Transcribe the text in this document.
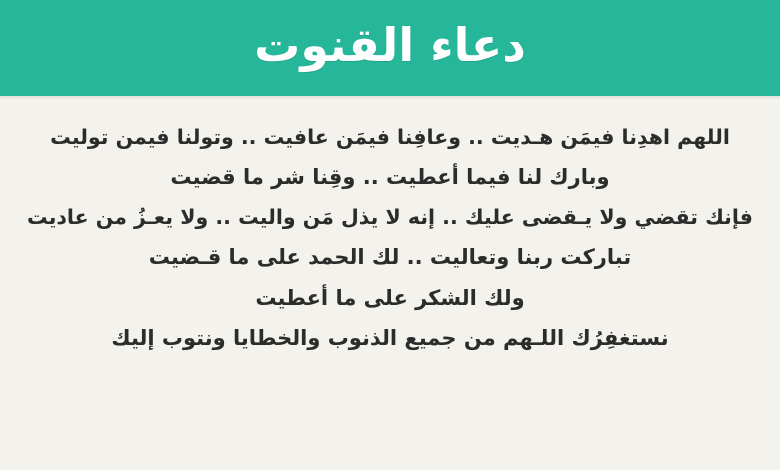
دعاء القنوت

اللهم اهدِنا فيمَن هـديت .. وعافِنا فيمَن عافيت .. وتولنا فيمن توليت

وبارك لنا فيما أعطيت .. وقِنا شر ما قضيت

فإنك تقضي ولا يـقضى عليك .. إنه لا يذل مَن واليت .. ولا يعـزُ من عاديت

تباركت ربنا وتعاليت .. لك الحمد على ما قـضيت

ولك الشكر على ما أعطيت

نستغفِرُك اللـهم من جميع الذنوب والخطايا ونتوب إليك
